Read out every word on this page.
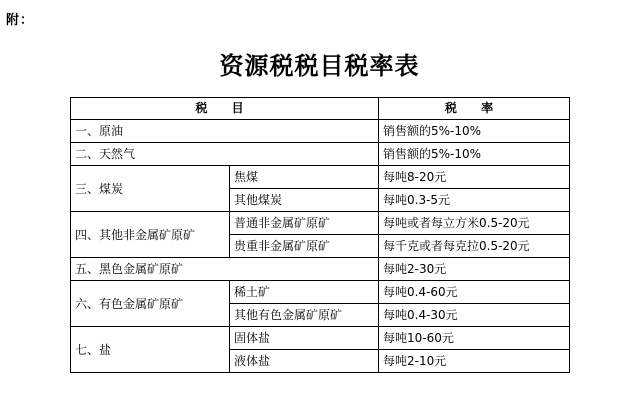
附：
资源税税目税率表
税 目		税 率
一、原油		销售额的5%-10%
二、天然气		销售额的5%-10%
三、煤炭	焦煤	每吨8-20元
	其他煤炭	每吨0.3-5元
四、其他非金属矿原矿	普通非金属矿原矿	每吨或者每立方米0.5-20元
	贵重非金属矿原矿	每千克或者每克拉0.5-20元
五、黑色金属矿原矿		每吨2-30元
六、有色金属矿原矿	稀土矿	每吨0.4-60元
	其他有色金属矿原矿	每吨0.4-30元
七、盐	固体盐	每吨10-60元
	液体盐	每吨2-10元
